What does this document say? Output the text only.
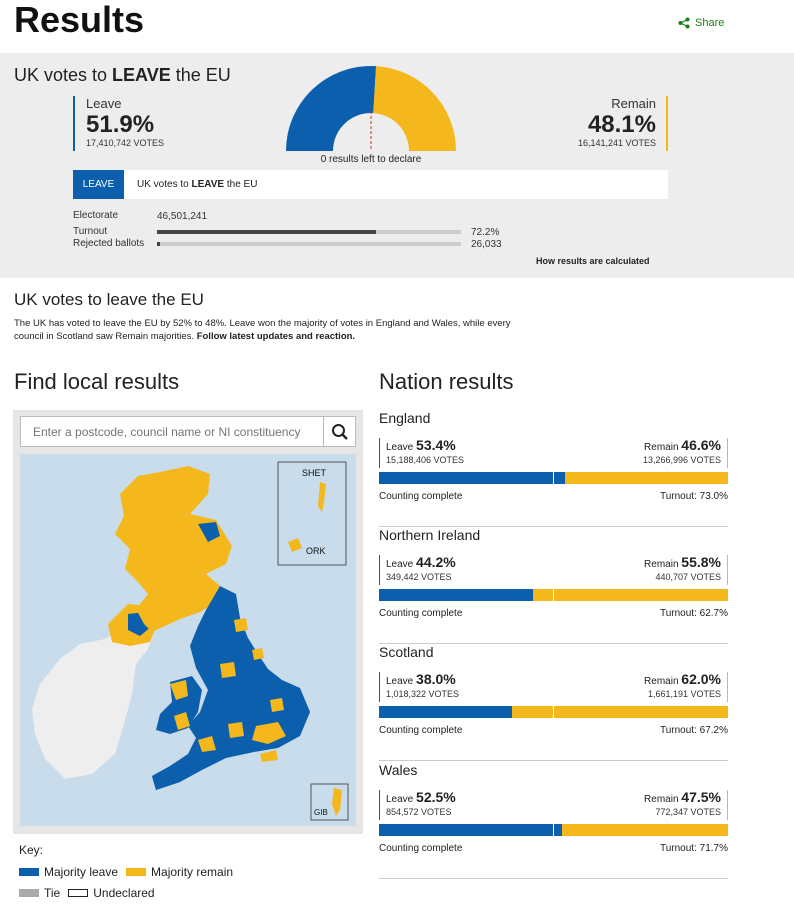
Results	Share
UK votes to LEAVE the EU
Leave
51.9%
17,410,742 VOTES
0 results left to declare
Remain
48.1%
16,141,241 VOTES
LEAVE	UK votes to LEAVE the EU
Electorate	46,501,241
Turnout	72.2%
Rejected ballots	26,033
How results are calculated
UK votes to leave the EU
The UK has voted to leave the EU by 52% to 48%. Leave won the majority of votes in England and Wales, while every council in Scotland saw Remain majorities. Follow latest updates and reaction.
Find local results
Enter a postcode, council name or NI constituency
SHET
ORK
GIB
Key:
Majority leave	Majority remain
Tie	Undeclared
Nation results
England
Leave 53.4%
15,188,406 VOTES
Remain 46.6%
13,266,996 VOTES
Counting complete	Turnout: 73.0%
Northern Ireland
Leave 44.2%
349,442 VOTES
Remain 55.8%
440,707 VOTES
Counting complete	Turnout: 62.7%
Scotland
Leave 38.0%
1,018,322 VOTES
Remain 62.0%
1,661,191 VOTES
Counting complete	Turnout: 67.2%
Wales
Leave 52.5%
854,572 VOTES
Remain 47.5%
772,347 VOTES
Counting complete	Turnout: 71.7%
